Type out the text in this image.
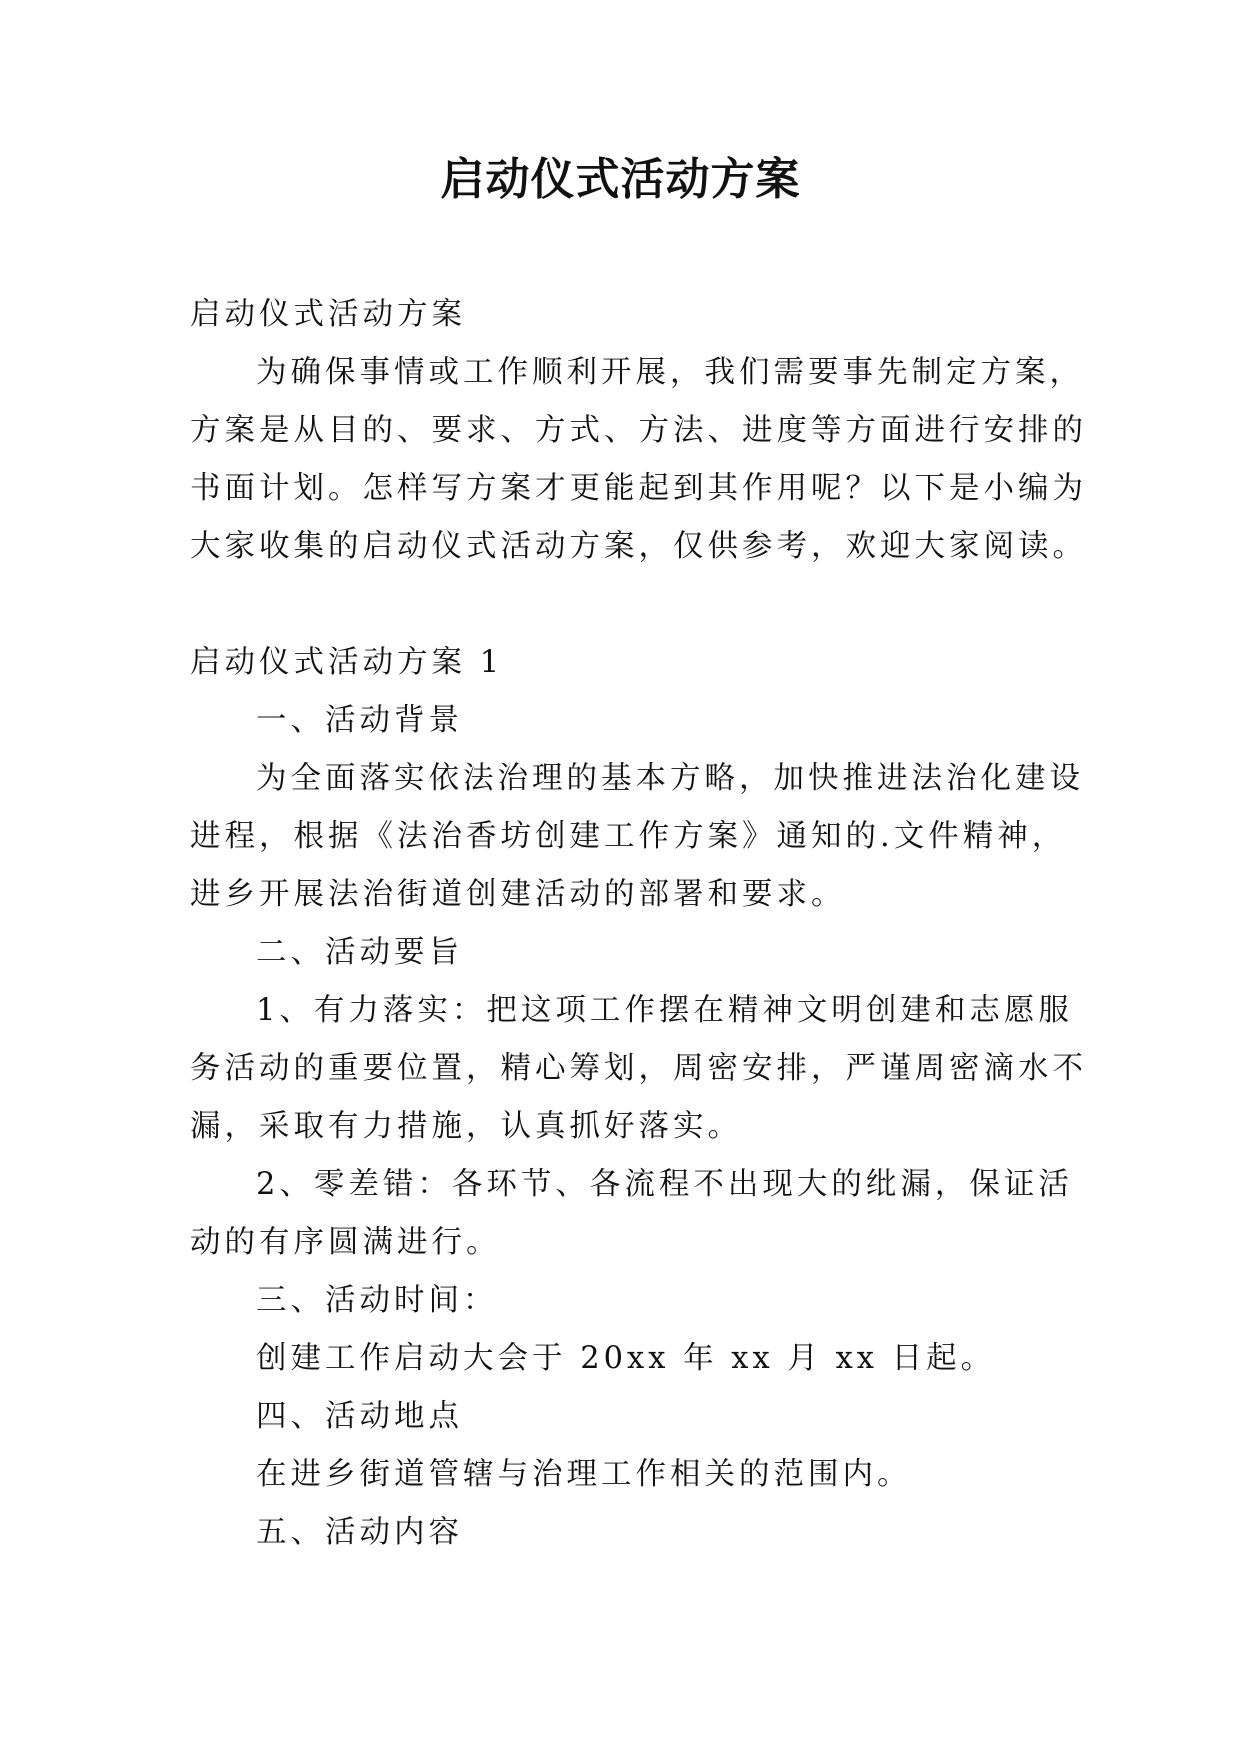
启动仪式活动方案

启动仪式活动方案

为确保事情或工作顺利开展，我们需要事先制定方案，

方案是从目的、要求、方式、方法、进度等方面进行安排的

书面计划。怎样写方案才更能起到其作用呢？以下是小编为

大家收集的启动仪式活动方案，仅供参考，欢迎大家阅读。

启动仪式活动方案 1

一、活动背景

为全面落实依法治理的基本方略，加快推进法治化建设

进程，根据《法治香坊创建工作方案》通知的.文件精神，

进乡开展法治街道创建活动的部署和要求。

二、活动要旨

1、有力落实：把这项工作摆在精神文明创建和志愿服

务活动的重要位置，精心筹划，周密安排，严谨周密滴水不

漏，采取有力措施，认真抓好落实。

2、零差错：各环节、各流程不出现大的纰漏，保证活

动的有序圆满进行。

三、活动时间：

创建工作启动大会于 20xx 年 xx 月 xx 日起。

四、活动地点

在进乡街道管辖与治理工作相关的范围内。

五、活动内容
